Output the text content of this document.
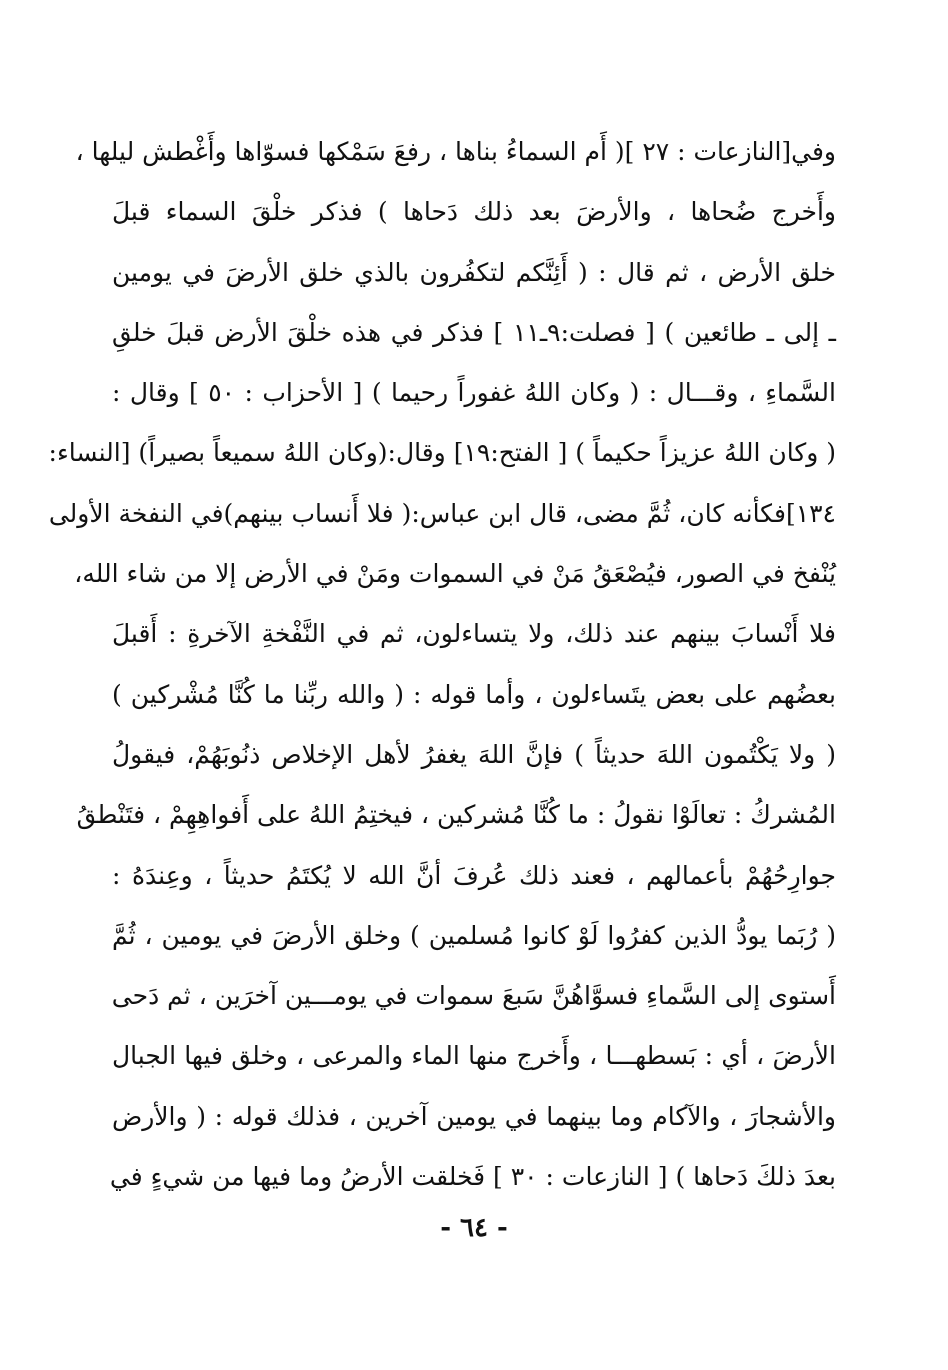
وفي[النازعات : ٢٧ ]( أَم السماءُ بناها ، رفعَ سَمْكها فسوّاها وأَغْطش ليلها ،
وأَخرج ضُحاها ، والأرضَ بعد ذلك دَحاها ) فذكر خلْقَ السماء قبلَ
خلق الأرض ، ثم قال : ( أَئِنَّكم لتكفُرون بالذي خلق الأرضَ في يومين
ـ إلى ـ طائعين ) [ فصلت:٩ـ١١ ] فذكر في هذه خلْقَ الأرض قبلَ خلقِ
السَّماءِ ، وقـــال : ( وكان اللهُ غفوراً رحيما ) [ الأحزاب : ٥٠ ] وقال :
( وكان اللهُ عزيزاً حكيماً ) [ الفتح:١٩] وقال:(وكان اللهُ سميعاً بصيراً) [النساء:
١٣٤]فكأنه كان، ثُمَّ مضى، قال ابن عباس:( فلا أَنساب بينهم)في النفخة الأولى
يُنْفخ في الصور، فيُصْعَقُ مَنْ في السموات ومَنْ في الأرض إلا من شاء الله،
فلا أَنْسابَ بينهم عند ذلك، ولا يتساءلون، ثم في النَّفْخةِ الآخرةِ : أَقبلَ
بعضُهم على بعض يتَساءلون ، وأما قوله : ( والله ربِّنا ما كُنَّا مُشْركين )
( ولا يَكْتُمون اللهَ حديثاً ) فإنَّ اللهَ يغفرُ لأهل الإخلاص ذنُوبَهُمْ، فيقولُ
المُشركُ : تعالَوْا نقولُ : ما كُنَّا مُشركين ، فيختِمُ اللهُ على أَفواهِهِمْ ، فتَنْطقُ
جوارِحُهُمْ بأعمالهم ، فعند ذلك عُرفَ أنَّ الله لا يُكتَمُ حديثاً ، وعِندَهُ :
( رُبَما يودُّ الذين كفرُوا لَوْ كانوا مُسلمين ) وخلق الأرضَ في يومين ، ثُمَّ
أَستوى إلى السَّماءِ فسوَّاهُنَّ سَبعَ سموات في يومـــين آخرَين ، ثم دَحى
الأرضَ ، أي : بَسطهـــا ، وأَخرج منها الماء والمرعى ، وخلق فيها الجبال
والأشجارَ ، والآكام وما بينهما في يومين آخرين ، فذلك قوله : ( والأرض
بعدَ ذلكَ دَحاها ) [ النازعات : ٣٠ ] فَخلقت الأرضُ وما فيها من شيءٍ في
- ٦٤ -
